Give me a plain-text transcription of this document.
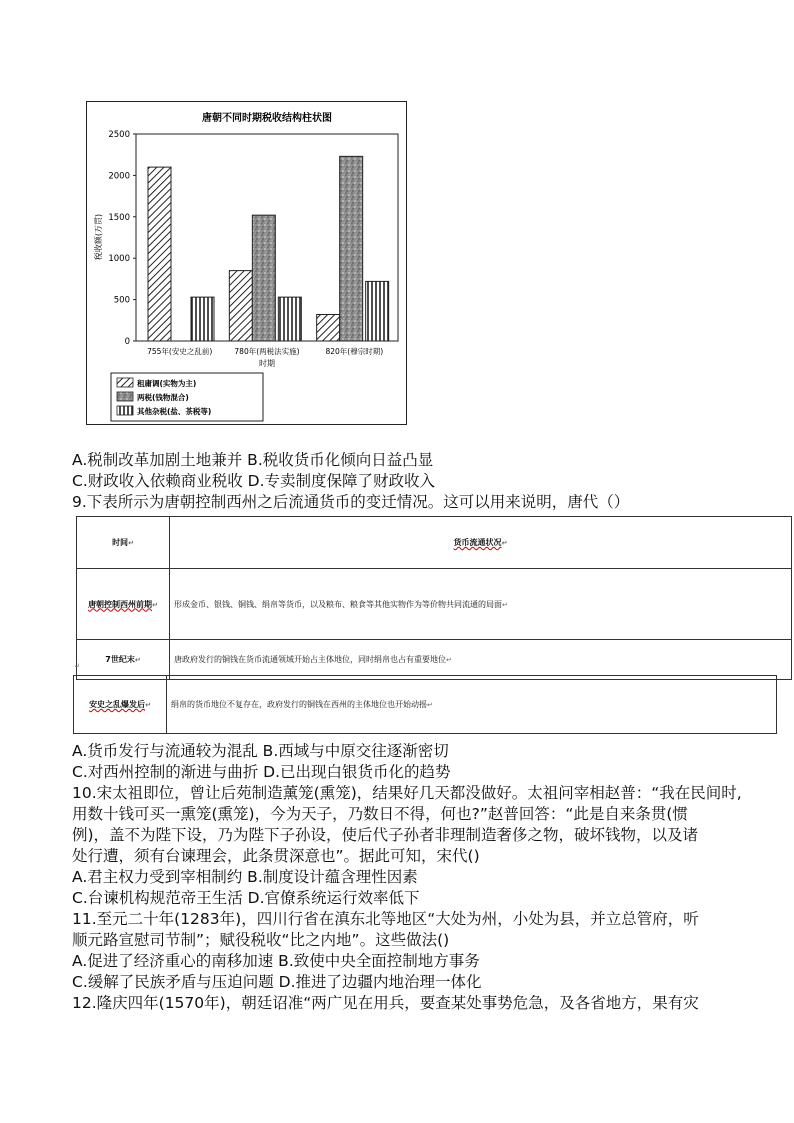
唐朝不同时期税收结构柱状图
2500
2000
1500
1000
500
0
税收额(万贯)
755年(安史之乱前)	780年(两税法实施)	820年(穆宗时期)
时期
租庸调(实物为主)
两税(钱物混合)
其他杂税(盐、茶税等)
A.税制改革加剧土地兼并 B.税收货币化倾向日益凸显
C.财政收入依赖商业税收 D.专卖制度保障了财政收入
9.下表所示为唐朝控制西州之后流通货币的变迁情况。这可以用来说明，唐代（）
时间↵	货币流通状况↵
唐朝控制西州前期↵	形成金币、银钱、铜钱、绢帛等货币，以及粮布、粮食等其他实物作为等价物共同流通的局面↵
7世纪末↵	唐政府发行的铜钱在货币流通领域开始占主体地位，同时绢帛也占有重要地位↵
↵
安史之乱爆发后↵	绢帛的货币地位不复存在，政府发行的铜钱在西州的主体地位也开始动摇↵
A.货币发行与流通较为混乱 B.西域与中原交往逐渐密切
C.对西州控制的渐进与曲折 D.已出现白银货币化的趋势
10.宋太祖即位，曾让后苑制造薰笼(熏笼)，结果好几天都没做好。太祖问宰相赵普：“我在民间时,
用数十钱可买一熏笼(熏笼)，今为天子，乃数日不得，何也?”赵普回答：“此是自来条贯(惯
例)，盖不为陛下设，乃为陛下子孙设，使后代子孙者非理制造奢侈之物，破坏钱物，以及诸
处行遭，须有台谏理会，此条贯深意也”。据此可知，宋代()
A.君主权力受到宰相制约 B.制度设计蕴含理性因素
C.台谏机构规范帝王生活 D.官僚系统运行效率低下
11.至元二十年(1283年)，四川行省在滇东北等地区“大处为州，小处为县，并立总管府，听
顺元路宣慰司节制”；赋役税收“比之内地”。这些做法()
A.促进了经济重心的南移加速 B.致使中央全面控制地方事务
C.缓解了民族矛盾与压迫问题 D.推进了边疆内地治理一体化
12.隆庆四年(1570年)，朝廷诏准“两广见在用兵，要查某处事势危急，及各省地方，果有灾
